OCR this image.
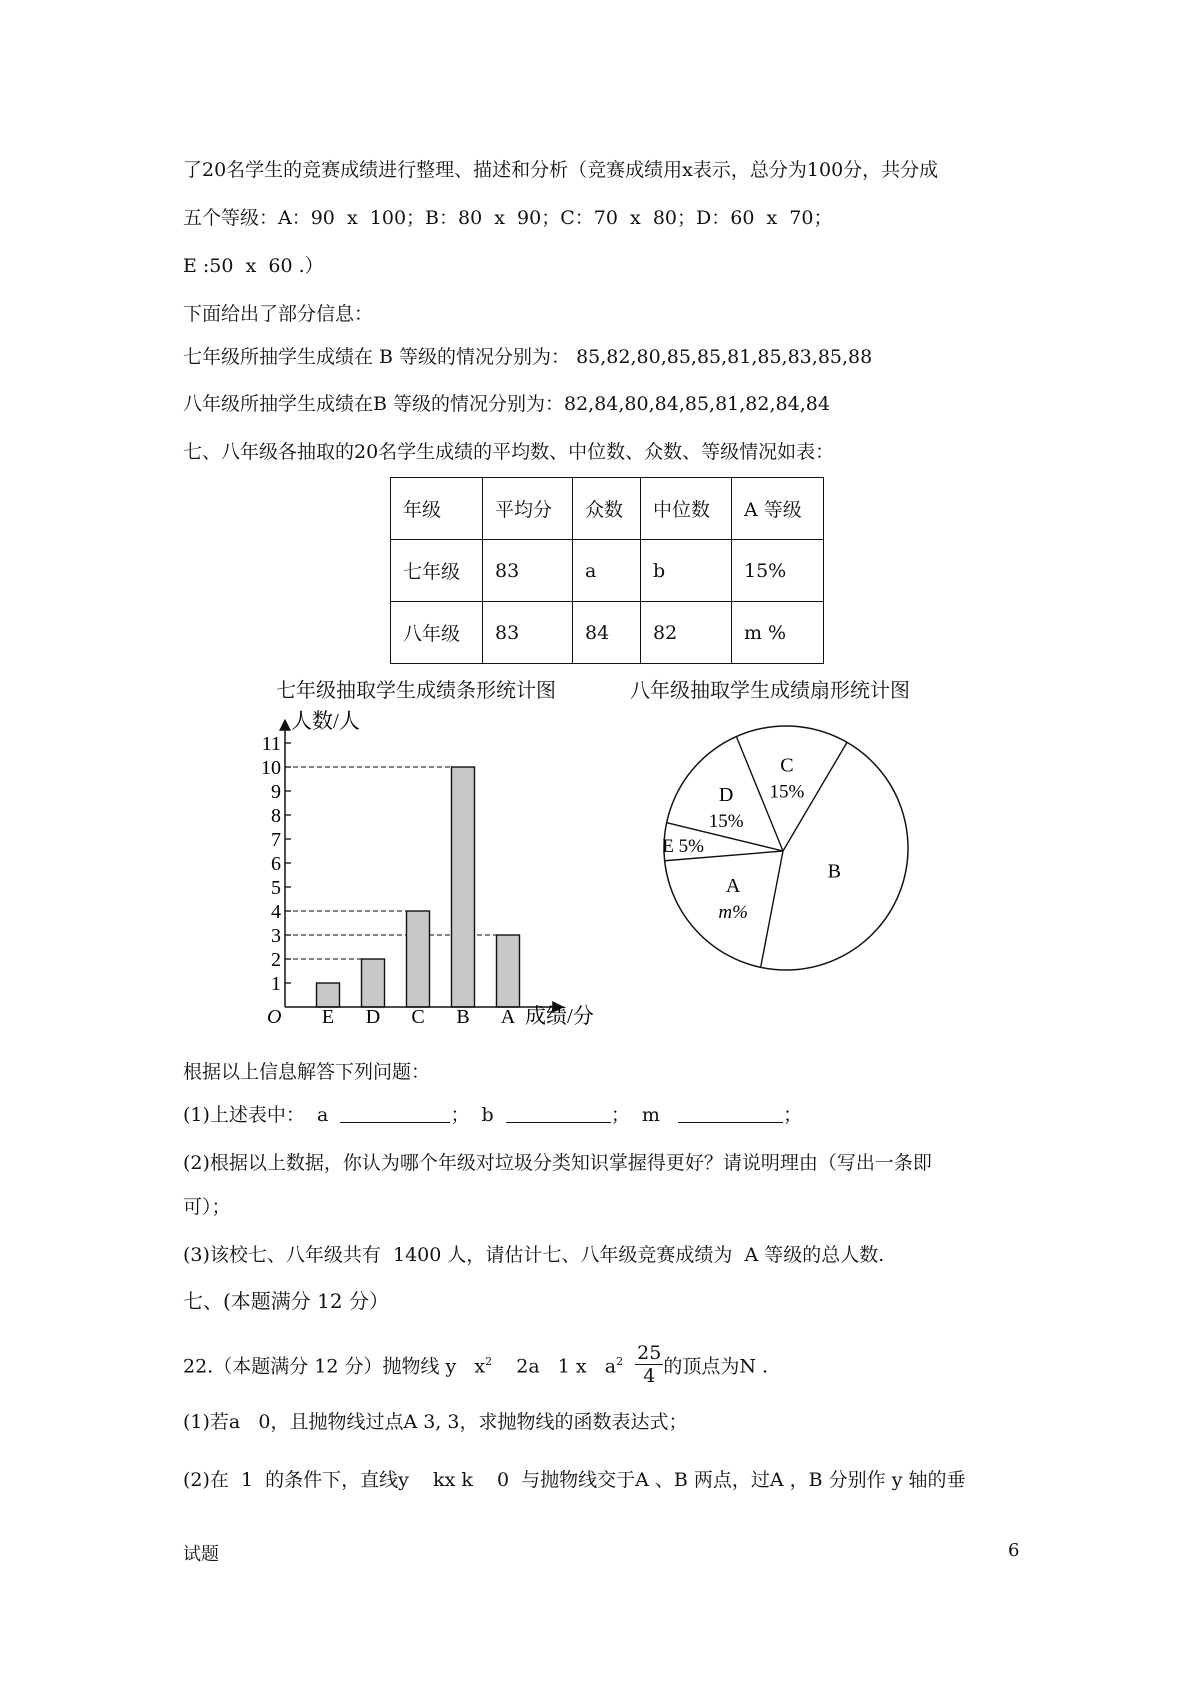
了20名学生的竞赛成绩进行整理、描述和分析（竞赛成绩用x表示，总分为100分，共分成
五个等级：A：90  x  100；B：80  x  90；C：70  x  80；D：60  x  70；
E :50  x  60 .）
下面给出了部分信息：
七年级所抽学生成绩在 B 等级的情况分别为： 85,82,80,85,85,81,85,83,85,88
八年级所抽学生成绩在B 等级的情况分别为：82,84,80,84,85,81,82,84,84
七、八年级各抽取的20名学生成绩的平均数、中位数、众数、等级情况如表：
年级	平均分	众数	中位数	A 等级
七年级	83	a	b	15%
八年级	83	84	82	m %
七年级抽取学生成绩条形统计图	八年级抽取学生成绩扇形统计图
1
2
3
4
5
6
7
8
9
10
11
E D C B A
人数/人
成绩/分
O
C
15%
D
15%
E 5%
A
m%
B
根据以上信息解答下列问题：
(1)上述表中： a	； b	； m	；
(2)根据以上数据，你认为哪个年级对垃圾分类知识掌握得更好？请说明理由（写出一条即
可）；
(3)该校七、八年级共有  1400 人，请估计七、八年级竞赛成绩为  A 等级的总人数.
七、(本题满分 12 分）
22.（本题满分 12 分）抛物线 y   $x^2$    2a   1 x   $a^2 \frac{25}{4}$ 的顶点为N .
(1)若a   0，且抛物线过点A 3, 3，求抛物线的函数表达式；
(2)在  1  的条件下，直线y    kx k    0  与抛物线交于A 、B 两点，过A ，B 分别作 y 轴的垂
试题	6
